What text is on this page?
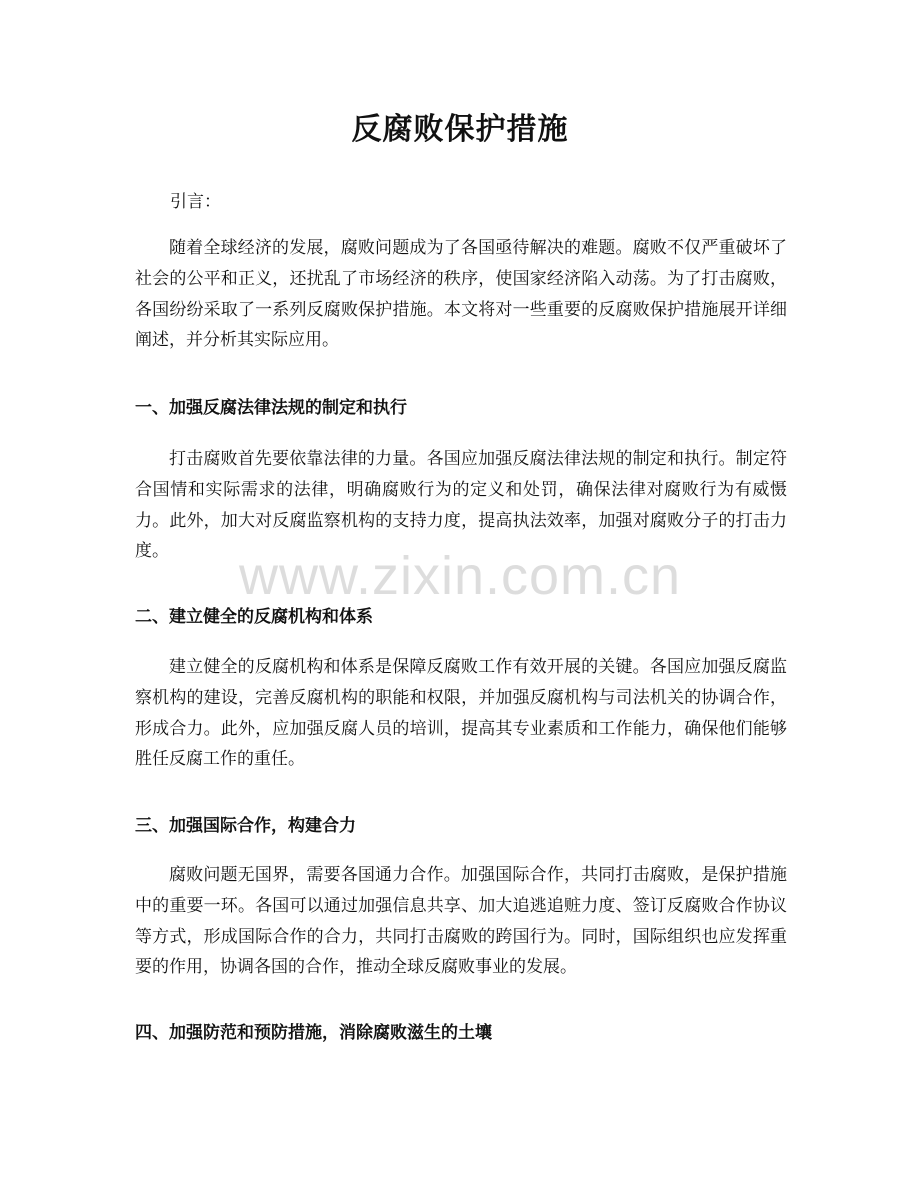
反腐败保护措施
引言：

随着全球经济的发展，腐败问题成为了各国亟待解决的难题。腐败不仅严重破坏了社会的公平和正义，还扰乱了市场经济的秩序，使国家经济陷入动荡。为了打击腐败，各国纷纷采取了一系列反腐败保护措施。本文将对一些重要的反腐败保护措施展开详细阐述，并分析其实际应用。

一、加强反腐法律法规的制定和执行

打击腐败首先要依靠法律的力量。各国应加强反腐法律法规的制定和执行。制定符合国情和实际需求的法律，明确腐败行为的定义和处罚，确保法律对腐败行为有威慑力。此外，加大对反腐监察机构的支持力度，提高执法效率，加强对腐败分子的打击力度。

二、建立健全的反腐机构和体系

建立健全的反腐机构和体系是保障反腐败工作有效开展的关键。各国应加强反腐监察机构的建设，完善反腐机构的职能和权限，并加强反腐机构与司法机关的协调合作，形成合力。此外，应加强反腐人员的培训，提高其专业素质和工作能力，确保他们能够胜任反腐工作的重任。

三、加强国际合作，构建合力

腐败问题无国界，需要各国通力合作。加强国际合作，共同打击腐败，是保护措施中的重要一环。各国可以通过加强信息共享、加大追逃追赃力度、签订反腐败合作协议等方式，形成国际合作的合力，共同打击腐败的跨国行为。同时，国际组织也应发挥重要的作用，协调各国的合作，推动全球反腐败事业的发展。

四、加强防范和预防措施，消除腐败滋生的土壤
www.zixin.com.cn
